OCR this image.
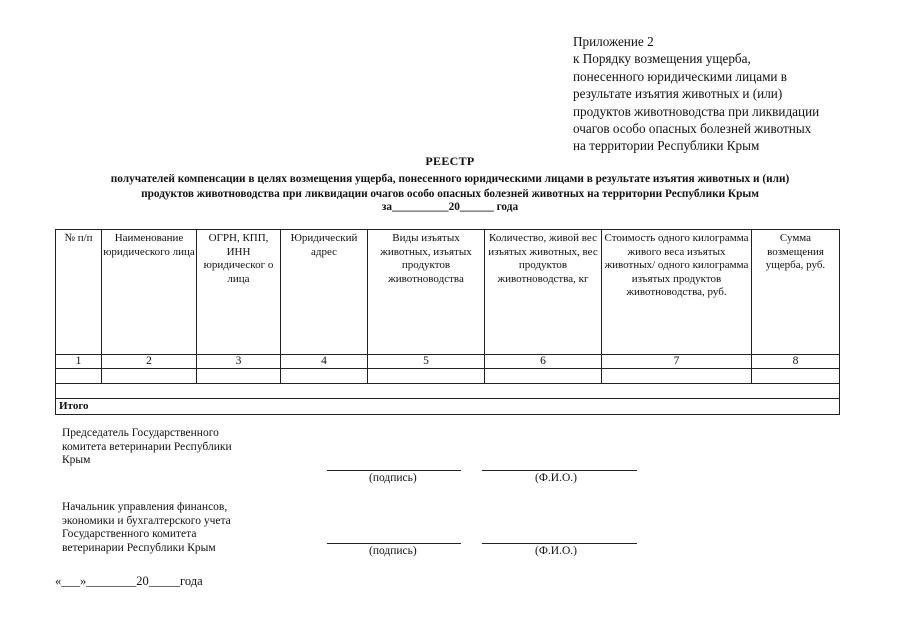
Приложение 2
к Порядку возмещения ущерба,
понесенного юридическими лицами в
результате изъятия животных и (или)
продуктов животноводства при ликвидации
очагов особо опасных болезней животных
на территории Республики Крым
РЕЕСТР
получателей компенсации в целях возмещения ущерба, понесенного юридическими лицами в результате изъятия животных и (или)
продуктов животноводства при ликвидации очагов особо опасных болезней животных на территории Республики Крым
за__________20______ года
№ п/п	Наименование юридического лица	ОГРН, КПП, ИНН юридическог о лица	Юридический адрес	Виды изъятых животных, изъятых продуктов животноводства	Количество, живой вес изъятых животных, вес продуктов животноводства, кг	Стоимость одного килограмма живого веса изъятых животных/ одного килограмма изъятых продуктов животноводства, руб.	Сумма возмещения ущерба, руб.
1	2	3	4	5	6	7	8

Итого							
Председатель Государственного
комитета ветеринарии Республики
Крым
(подпись)	(Ф.И.О.)
Начальник управления финансов,
экономики и бухгалтерского учета
Государственного комитета
ветеринарии Республики Крым	(подпись)	(Ф.И.О.)
«___»________20_____года
